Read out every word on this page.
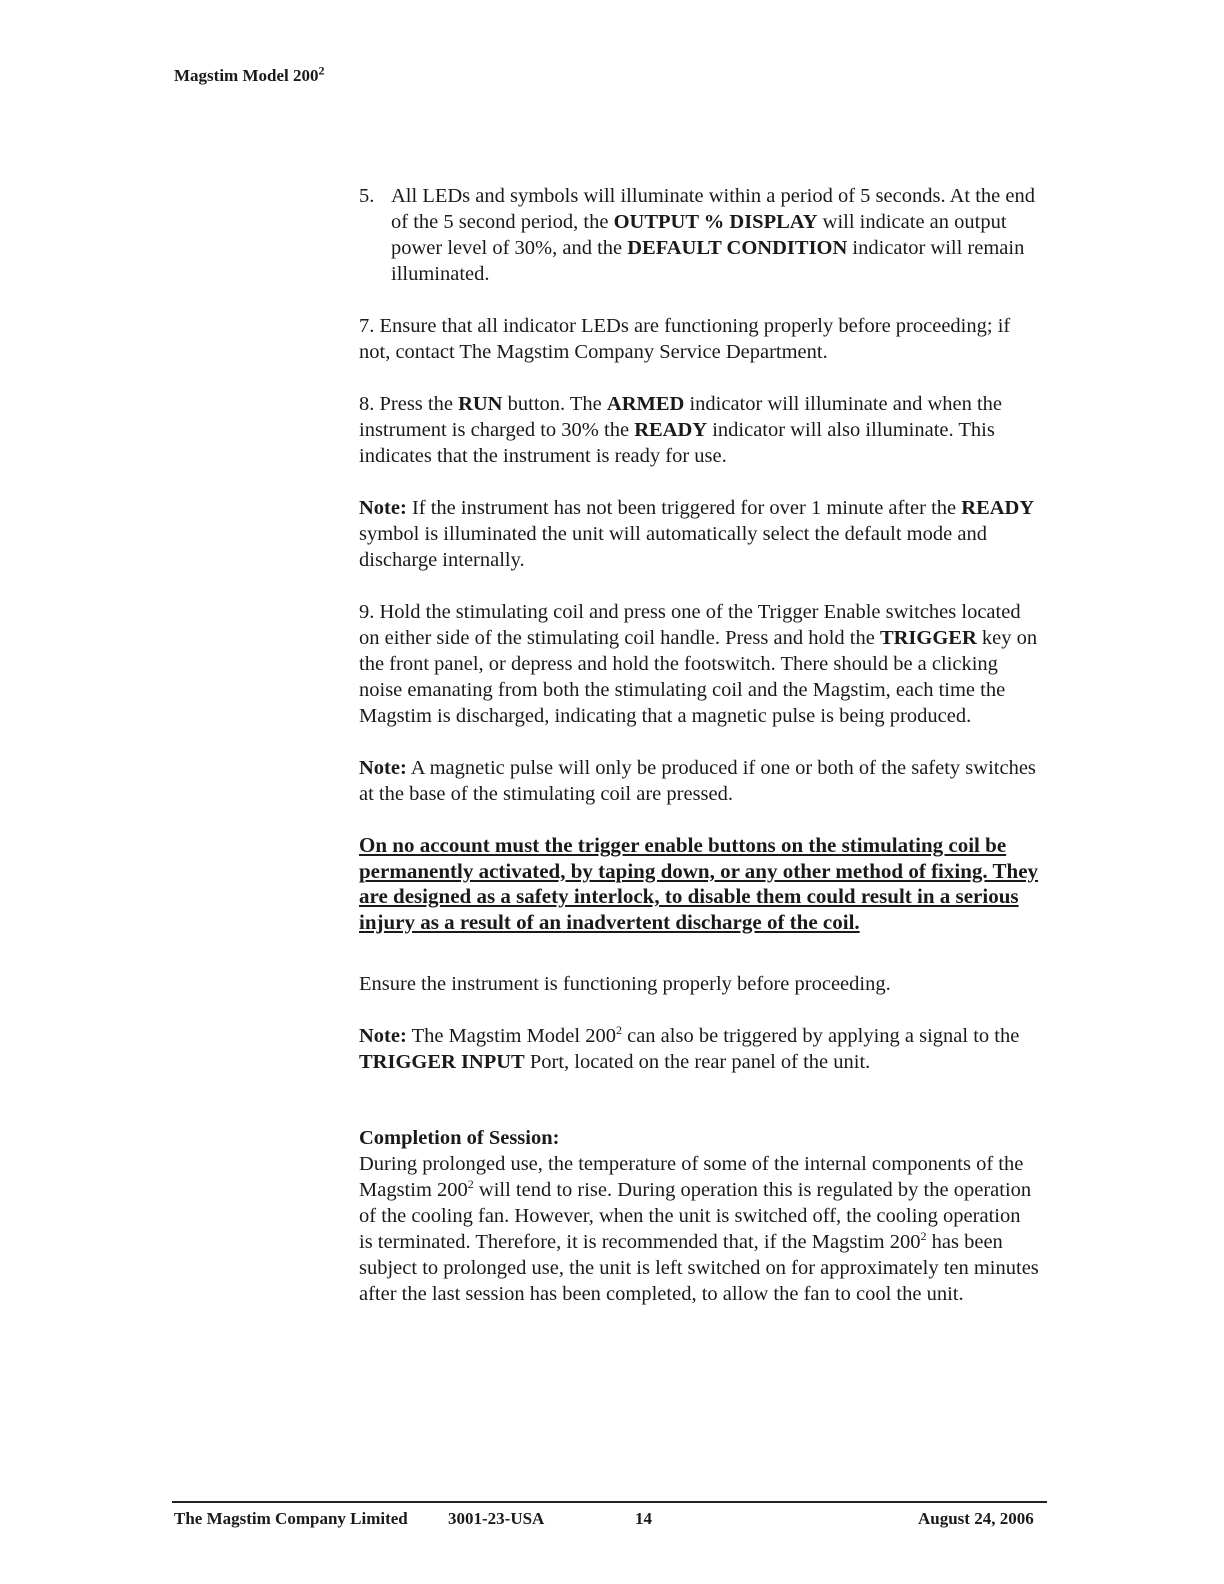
Magstim Model $200^2$
5. All LEDs and symbols will illuminate within a period of 5 seconds. At the end of the 5 second period, the OUTPUT % DISPLAY will indicate an output power level of 30%, and the DEFAULT CONDITION indicator will remain illuminated.

7. Ensure that all indicator LEDs are functioning properly before proceeding; if not, contact The Magstim Company Service Department.

8. Press the RUN button. The ARMED indicator will illuminate and when the instrument is charged to 30% the READY indicator will also illuminate. This indicates that the instrument is ready for use.

Note: If the instrument has not been triggered for over 1 minute after the READY symbol is illuminated the unit will automatically select the default mode and discharge internally.

9. Hold the stimulating coil and press one of the Trigger Enable switches located on either side of the stimulating coil handle. Press and hold the TRIGGER key on the front panel, or depress and hold the footswitch. There should be a clicking noise emanating from both the stimulating coil and the Magstim, each time the Magstim is discharged, indicating that a magnetic pulse is being produced.

Note: A magnetic pulse will only be produced if one or both of the safety switches at the base of the stimulating coil are pressed.

On no account must the trigger enable buttons on the stimulating coil be permanently activated, by taping down, or any other method of fixing. They are designed as a safety interlock, to disable them could result in a serious injury as a result of an inadvertent discharge of the coil.

Ensure the instrument is functioning properly before proceeding.

Note: The Magstim Model $200^2$ can also be triggered by applying a signal to the TRIGGER INPUT Port, located on the rear panel of the unit.

Completion of Session:

During prolonged use, the temperature of some of the internal components of the Magstim $200^2$ will tend to rise. During operation this is regulated by the operation of the cooling fan. However, when the unit is switched off, the cooling operation is terminated. Therefore, it is recommended that, if the Magstim $200^2$ has been subject to prolonged use, the unit is left switched on for approximately ten minutes after the last session has been completed, to allow the fan to cool the unit.

The Magstim Company Limited 3001-23-USA	14	August 24, 2006
